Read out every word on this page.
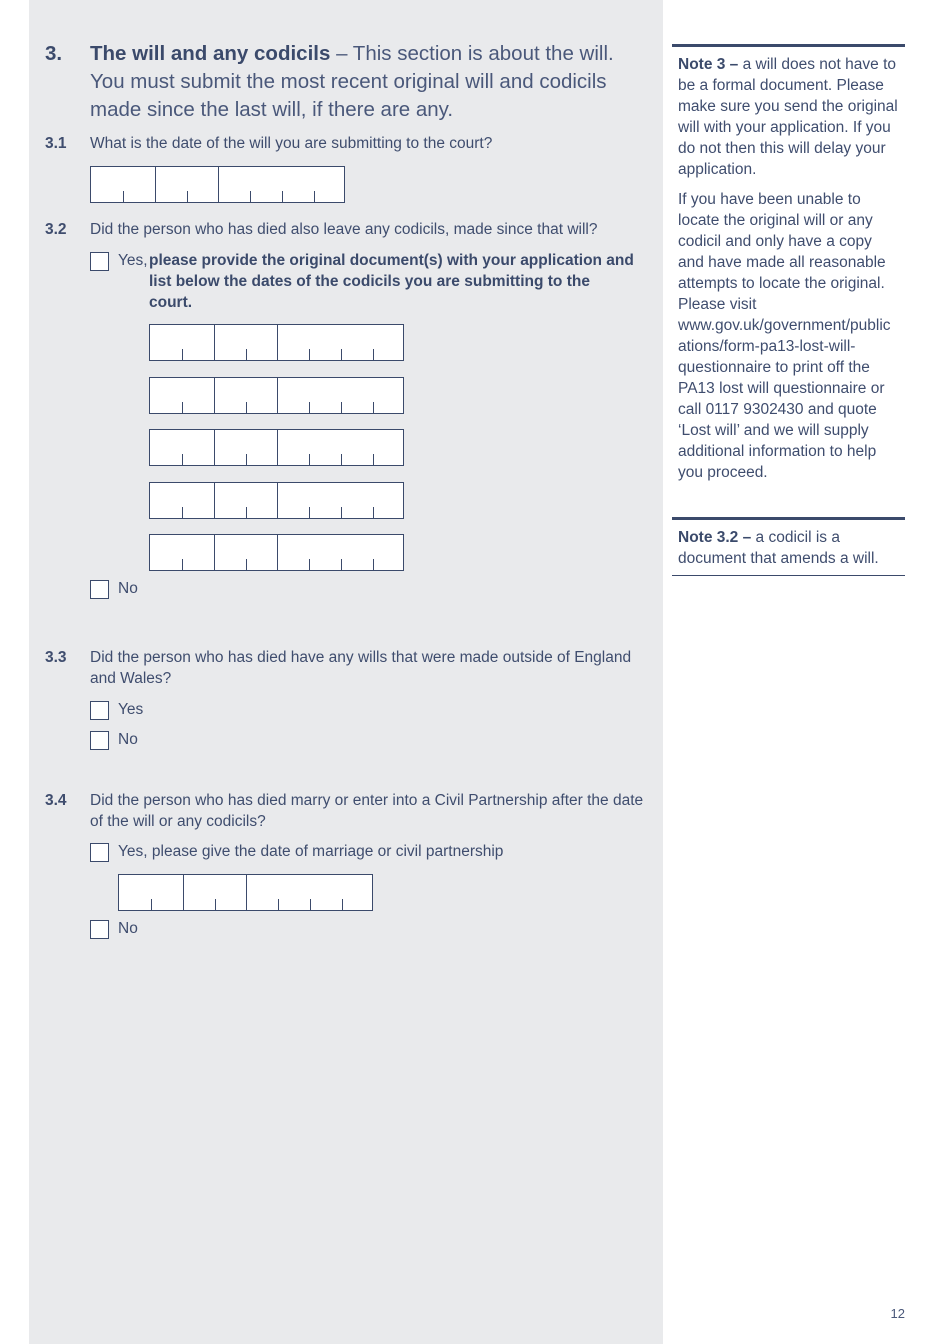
3. The will and any codicils – This section is about the will. You must submit the most recent original will and codicils made since the last will, if there are any.
3.1 What is the date of the will you are submitting to the court?
3.2 Did the person who has died also leave any codicils, made since that will?
Yes, please provide the original document(s) with your application and list below the dates of the codicils you are submitting to the court.
No
3.3 Did the person who has died have any wills that were made outside of England and Wales?
Yes
No
3.4 Did the person who has died marry or enter into a Civil Partnership after the date of the will or any codicils?
Yes, please give the date of marriage or civil partnership
No

Note 3 – a will does not have to be a formal document. Please make sure you send the original will with your application. If you do not then this will delay your application.

If you have been unable to locate the original will or any codicil and only have a copy and have made all reasonable attempts to locate the original. Please visit www.gov.uk/government/publications/form-pa13-lost-will-questionnaire to print off the PA13 lost will questionnaire or call 0117 9302430 and quote ‘Lost will’ and we will supply additional information to help you proceed.

Note 3.2 – a codicil is a document that amends a will.
12
